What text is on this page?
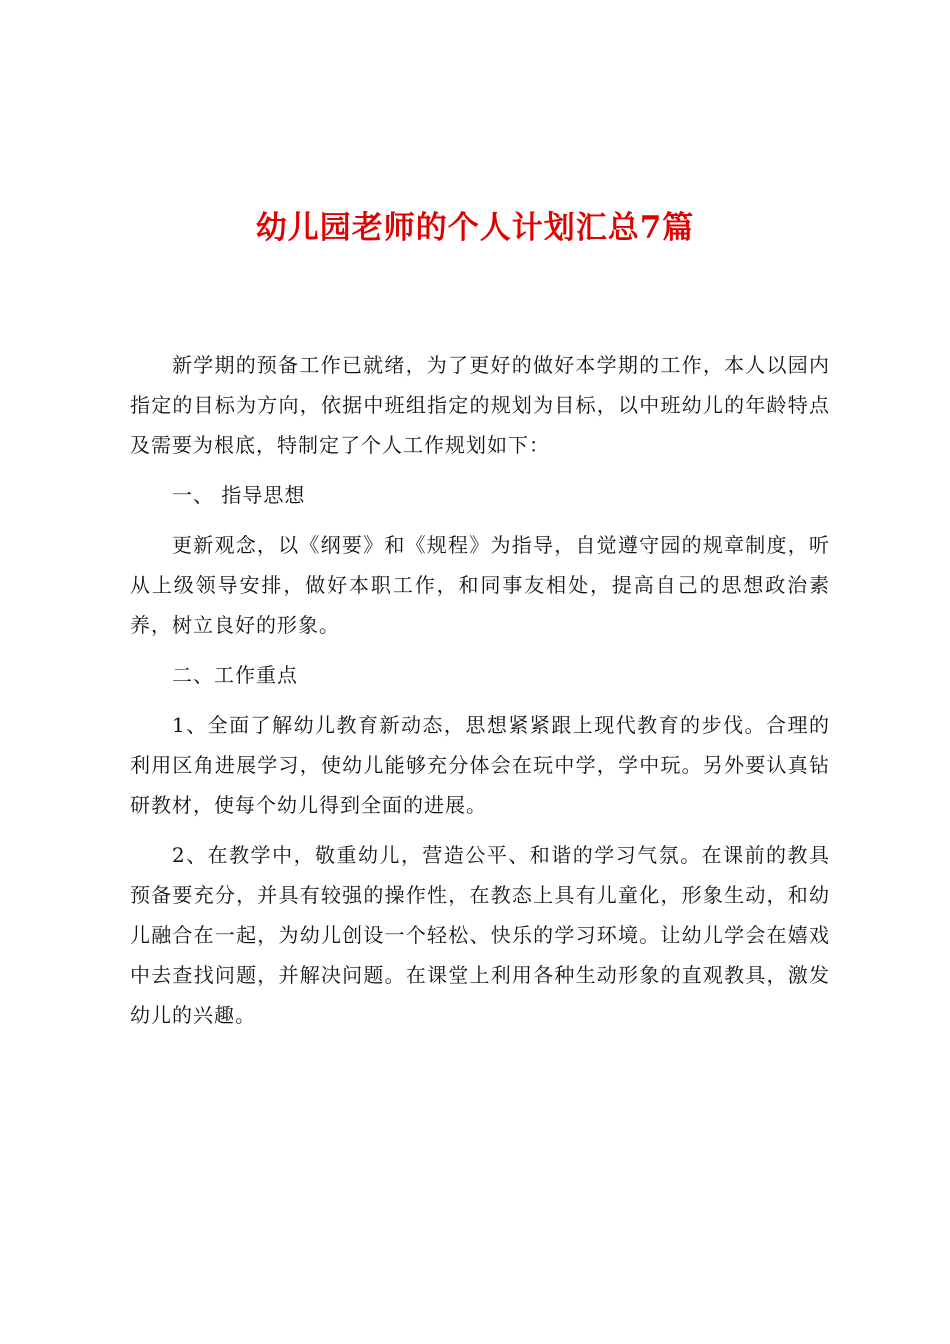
幼儿园老师的个人计划汇总7篇

新学期的预备工作已就绪，为了更好的做好本学期的工作，本人以园内指定的目标为方向，依据中班组指定的规划为目标，以中班幼儿的年龄特点及需要为根底，特制定了个人工作规划如下：

一、 指导思想

更新观念，以《纲要》和《规程》为指导，自觉遵守园的规章制度，听从上级领导安排，做好本职工作，和同事友相处，提高自己的思想政治素养，树立良好的形象。

二、工作重点

1、全面了解幼儿教育新动态，思想紧紧跟上现代教育的步伐。合理的利用区角进展学习，使幼儿能够充分体会在玩中学，学中玩。另外要认真钻研教材，使每个幼儿得到全面的进展。

2、在教学中，敬重幼儿，营造公平、和谐的学习气氛。在课前的教具预备要充分，并具有较强的操作性，在教态上具有儿童化，形象生动，和幼儿融合在一起，为幼儿创设一个轻松、快乐的学习环境。让幼儿学会在嬉戏中去查找问题，并解决问题。在课堂上利用各种生动形象的直观教具，激发幼儿的兴趣。
